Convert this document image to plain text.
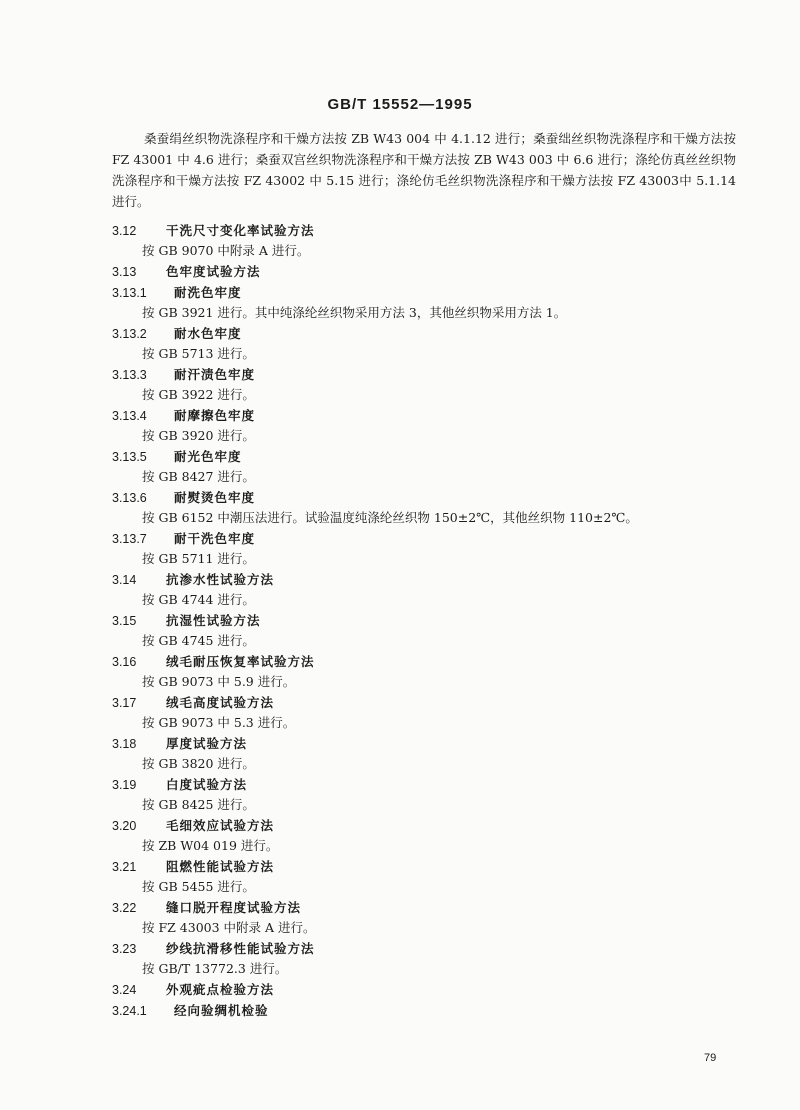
GB/T 15552—1995

桑蚕绢丝织物洗涤程序和干燥方法按 ZB W43 004 中 4.1.12 进行；桑蚕绌丝织物洗涤程序和干燥方法按 FZ 43001 中 4.6 进行；桑蚕双宫丝织物洗涤程序和干燥方法按 ZB W43 003 中 6.6 进行；涤纶仿真丝丝织物洗涤程序和干燥方法按 FZ 43002 中 5.15 进行；涤纶仿毛丝织物洗涤程序和干燥方法按 FZ 43003中 5.1.14 进行。

3.12 干洗尺寸变化率试验方法
按 GB 9070 中附录 A 进行。
3.13 色牢度试验方法
3.13.1 耐洗色牢度
按 GB 3921 进行。其中纯涤纶丝织物采用方法 3，其他丝织物采用方法 1。
3.13.2 耐水色牢度
按 GB 5713 进行。
3.13.3 耐汗渍色牢度
按 GB 3922 进行。
3.13.4 耐摩擦色牢度
按 GB 3920 进行。
3.13.5 耐光色牢度
按 GB 8427 进行。
3.13.6 耐熨烫色牢度
按 GB 6152 中潮压法进行。试验温度纯涤纶丝织物 150±2℃，其他丝织物 110±2℃。
3.13.7 耐干洗色牢度
按 GB 5711 进行。
3.14 抗渗水性试验方法
按 GB 4744 进行。
3.15 抗湿性试验方法
按 GB 4745 进行。
3.16 绒毛耐压恢复率试验方法
按 GB 9073 中 5.9 进行。
3.17 绒毛高度试验方法
按 GB 9073 中 5.3 进行。
3.18 厚度试验方法
按 GB 3820 进行。
3.19 白度试验方法
按 GB 8425 进行。
3.20 毛细效应试验方法
按 ZB W04 019 进行。
3.21 阻燃性能试验方法
按 GB 5455 进行。
3.22 缝口脱开程度试验方法
按 FZ 43003 中附录 A 进行。
3.23 纱线抗滑移性能试验方法
按 GB/T 13772.3 进行。
3.24 外观疵点检验方法
3.24.1 经向验绸机检验
79
